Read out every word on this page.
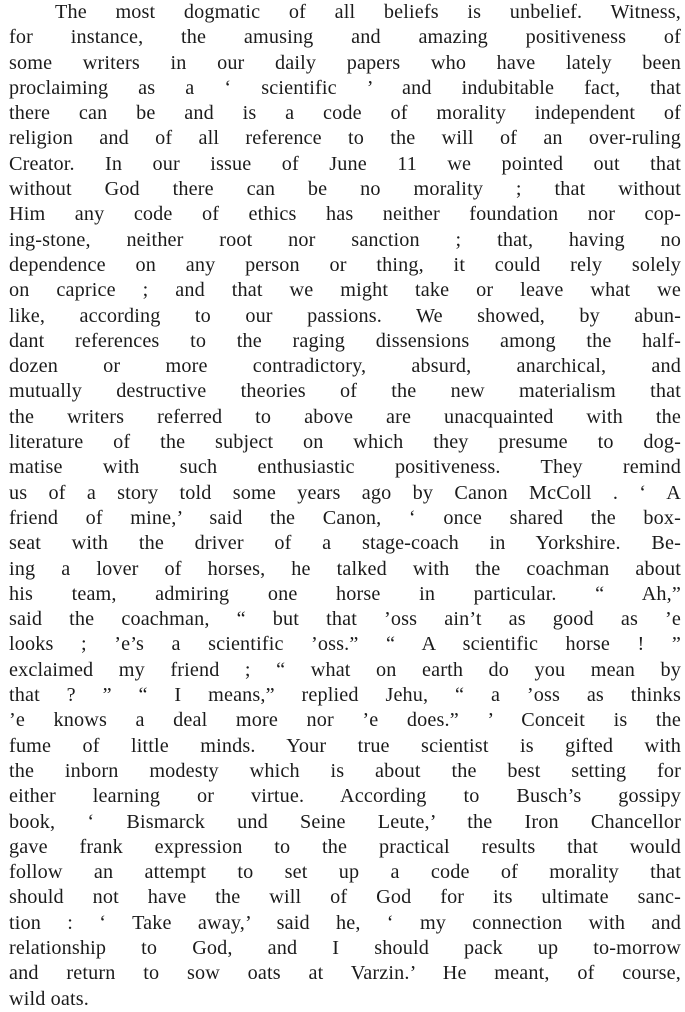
The most dogmatic of all beliefs is unbelief. Witness,
for instance, the amusing and amazing positiveness of
some writers in our daily papers who have lately been
proclaiming as a ‘ scientific ’ and indubitable fact, that
there can be and is a code of morality independent of
religion and of all reference to the will of an over-ruling
Creator. In our issue of June 11 we pointed out that
without God there can be no morality ; that without
Him any code of ethics has neither foundation nor cop-
ing-stone, neither root nor sanction ; that, having no
dependence on any person or thing, it could rely solely
on caprice ; and that we might take or leave what we
like, according to our passions. We showed, by abun-
dant references to the raging dissensions among the half-
dozen or more contradictory, absurd, anarchical, and
mutually destructive theories of the new materialism that
the writers referred to above are unacquainted with the
literature of the subject on which they presume to dog-
matise with such enthusiastic positiveness. They remind
us of a story told some years ago by Canon McColl . ‘ A
friend of mine,’ said the Canon, ‘ once shared the box-
seat with the driver of a stage-coach in Yorkshire. Be-
ing a lover of horses, he talked with the coachman about
his team, admiring one horse in particular. “ Ah,”
said the coachman, “ but that ’oss ain’t as good as ’e
looks ; ’e’s a scientific ’oss.” “ A scientific horse ! ”
exclaimed my friend ; “ what on earth do you mean by
that ? ” “ I means,” replied Jehu, “ a ’oss as thinks
’e knows a deal more nor ’e does.” ’ Conceit is the
fume of little minds. Your true scientist is gifted with
the inborn modesty which is about the best setting for
either learning or virtue. According to Busch’s gossipy
book, ‘ Bismarck und Seine Leute,’ the Iron Chancellor
gave frank expression to the practical results that would
follow an attempt to set up a code of morality that
should not have the will of God for its ultimate sanc-
tion : ‘ Take away,’ said he, ‘ my connection with and
relationship to God, and I should pack up to-morrow
and return to sow oats at Varzin.’ He meant, of course,
wild oats.
